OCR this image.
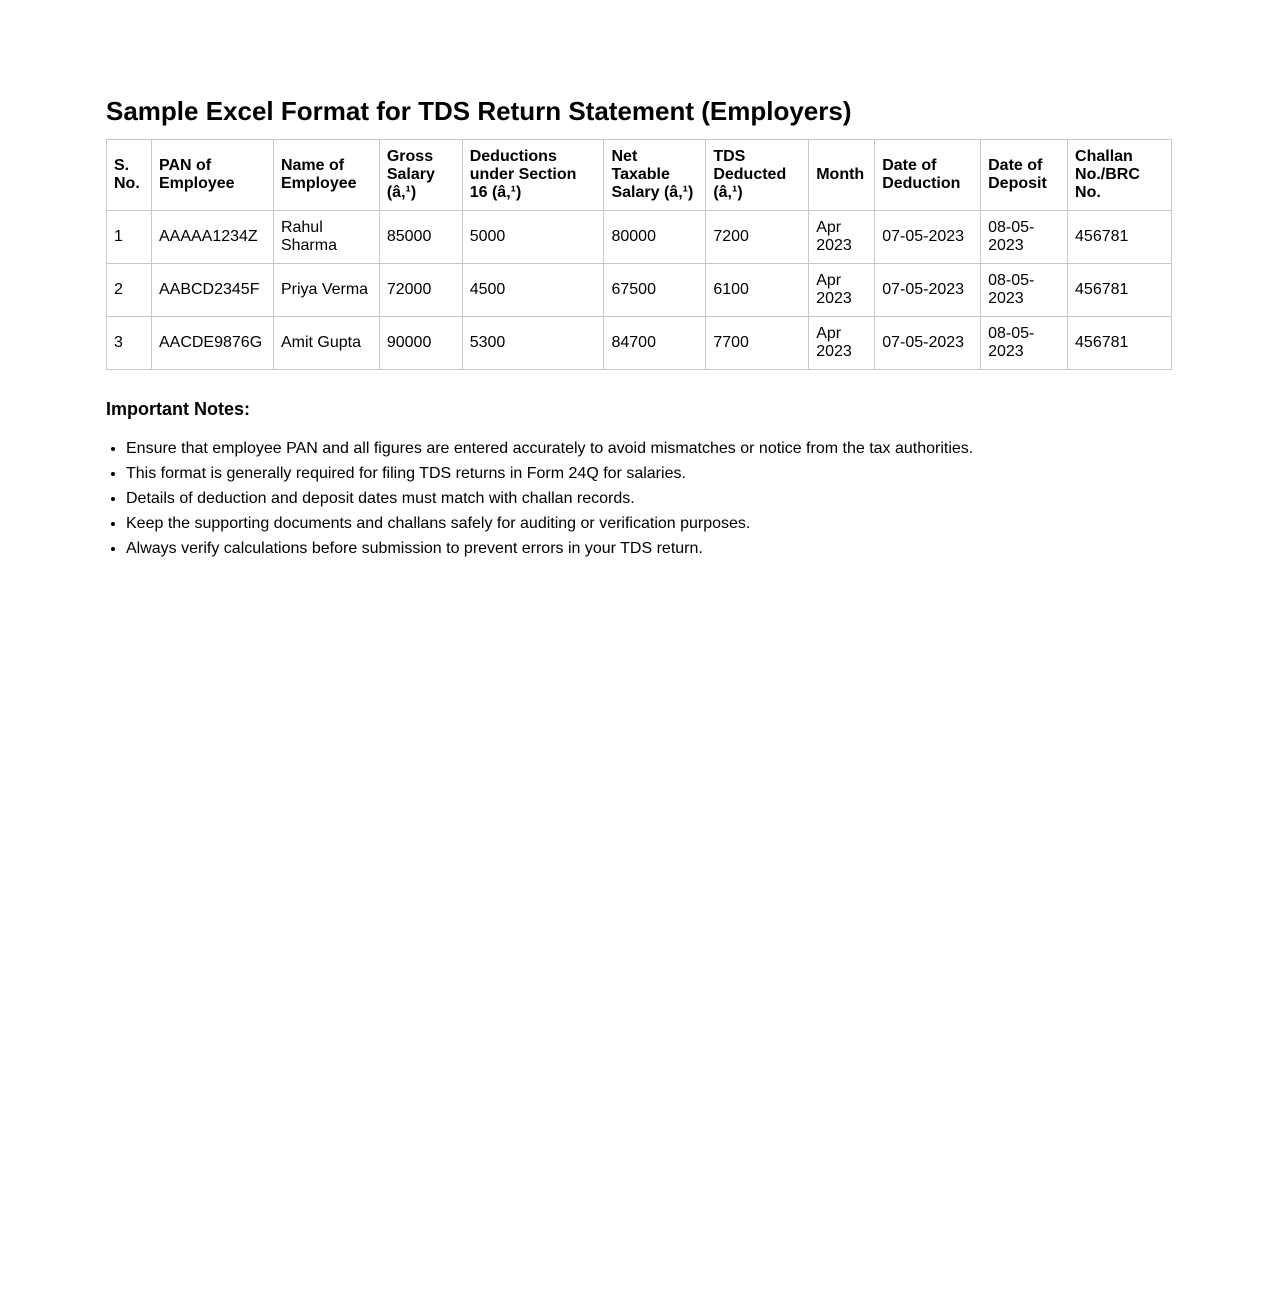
Sample Excel Format for TDS Return Statement (Employers)
S. No.	PAN of Employee	Name of Employee	Gross Salary (â‚¹)	Deductions under Section 16 (â‚¹)	Net Taxable Salary (â‚¹)	TDS Deducted (â‚¹)	Month	Date of Deduction	Date of Deposit	Challan No./BRC No.
1	AAAAA1234Z	Rahul Sharma	85000	5000	80000	7200	Apr 2023	07-05-2023	08-05-2023	456781
2	AABCD2345F	Priya Verma	72000	4500	67500	6100	Apr 2023	07-05-2023	08-05-2023	456781
3	AACDE9876G	Amit Gupta	90000	5300	84700	7700	Apr 2023	07-05-2023	08-05-2023	456781
Important Notes:
• Ensure that employee PAN and all figures are entered accurately to avoid mismatches or notice from the tax authorities.
• This format is generally required for filing TDS returns in Form 24Q for salaries.
• Details of deduction and deposit dates must match with challan records.
• Keep the supporting documents and challans safely for auditing or verification purposes.
• Always verify calculations before submission to prevent errors in your TDS return.
